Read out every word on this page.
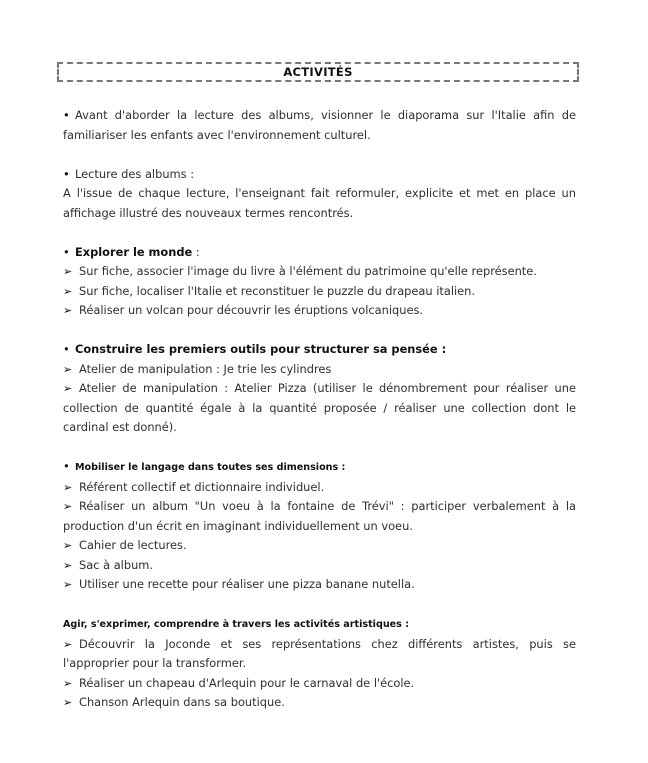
ACTIVITÉS
• Avant d'aborder la lecture des albums, visionner le diaporama sur l'Italie afin de
familiariser les enfants avec l'environnement culturel.
• Lecture des albums :
A l'issue de chaque lecture, l'enseignant fait reformuler, explicite et met en place un
affichage illustré des nouveaux termes rencontrés.
• Explorer le monde :
➢ Sur fiche, associer l'image du livre à l'élément du patrimoine qu'elle représente.
➢ Sur fiche, localiser l'Italie et reconstituer le puzzle du drapeau italien.
➢ Réaliser un volcan pour découvrir les éruptions volcaniques.
• Construire les premiers outils pour structurer sa pensée :
➢ Atelier de manipulation : Je trie les cylindres
➢ Atelier de manipulation : Atelier Pizza (utiliser le dénombrement pour réaliser une
collection de quantité égale à la quantité proposée / réaliser une collection dont le
cardinal est donné).
• Mobiliser le langage dans toutes ses dimensions :
➢ Référent collectif et dictionnaire individuel.
➢ Réaliser un album "Un voeu à la fontaine de Trévi" : participer verbalement à la
production d'un écrit en imaginant individuellement un voeu.
➢ Cahier de lectures.
➢ Sac à album.
➢ Utiliser une recette pour réaliser une pizza banane nutella.
Agir, s'exprimer, comprendre à travers les activités artistiques :
➢ Découvrir la Joconde et ses représentations chez différents artistes, puis se
l'approprier pour la transformer.
➢ Réaliser un chapeau d'Arlequin pour le carnaval de l'école.
➢ Chanson Arlequin dans sa boutique.
